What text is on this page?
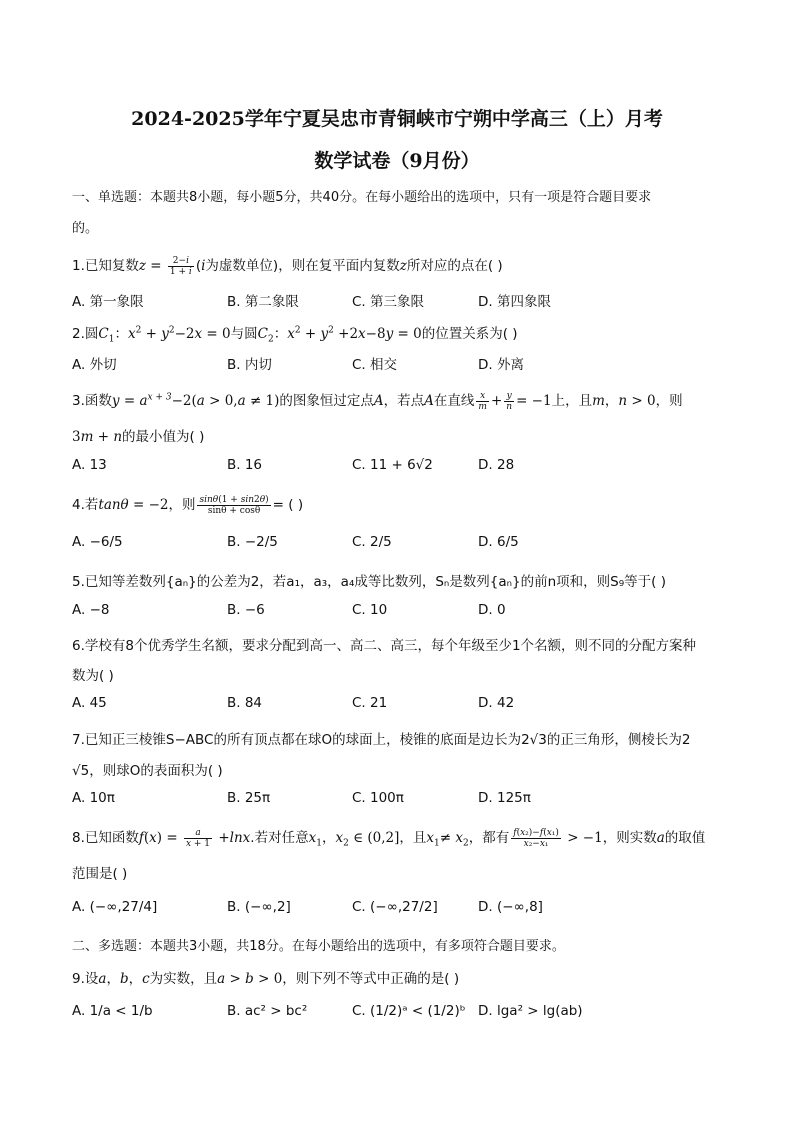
2024-2025学年宁夏吴忠市青铜峡市宁朔中学高三（上）月考
数学试卷（9月份）
一、单选题：本题共8小题，每小题5分，共40分。在每小题给出的选项中，只有一项是符合题目要求
的。
1.已知复数$z = \frac{2-i}{1 + i} (i$为虚数单位)，则在复平面内复数z所对应的点在( )
A. 第一象限	B. 第二象限	C. 第三象限	D. 第四象限
2.圆$C_1$：$x^2 + y^2-2x = 0$与圆$C_2$：$x^2 + y^2 +2x-8y = 0$的位置关系为( )
A. 外切	B. 内切	C. 相交	D. 外离
3.函数$y = a^{x + 3}-2(a > 0,a \ne 1)$的图象恒过定点A，若点A在直线 $\frac{x}{m} + \frac{y}{n} = -1$上，且m，n > 0，则
3m + n的最小值为( )
A. 13	B. 16	C. 11 + 6√2	D. 28
4.若tanθ = −2，则 $\frac{\sin\theta(1 + \sin 2\theta)}{\sin\theta + \cos\theta}$ = ( )
A. −6/5	B. −2/5	C. 2/5	D. 6/5
5.已知等差数列{aₙ}的公差为2，若a₁，a₃，a₄成等比数列，Sₙ是数列{aₙ}的前n项和，则S₉等于( )
A. −8	B. −6	C. 10	D. 0
6.学校有8个优秀学生名额，要求分配到高一、高二、高三，每个年级至少1个名额，则不同的分配方案种
数为( )
A. 45	B. 84	C. 21	D. 42
7.已知正三棱锥S−ABC的所有顶点都在球O的球面上，棱锥的底面是边长为2√3的正三角形，侧棱长为2
√5，则球O的表面积为( )
A. 10π	B. 25π	C. 100π	D. 125π
8.已知函数$f(x) = \frac{a}{x + 1} +\ln x$.若对任意$x_1$，$x_2$ ∈ (0,2]，且$x_1\ne x_2$，都有 $\frac{\text{f(x₂)−f(x₁)}}{\text{x₂−x₁}} > -1$，则实数a的取值
范围是( )
A. (−∞,27/4]	B. (−∞,2]	C. (−∞,27/2]	D. (−∞,8]
二、多选题：本题共3小题，共18分。在每小题给出的选项中，有多项符合题目要求。
9.设a，b，c为实数，且a > b > 0，则下列不等式中正确的是( )
A. 1/a < 1/b	B. ac² > bc²	C. (1/2)ᵃ < (1/2)ᵇ D. lga² > lg(ab)
